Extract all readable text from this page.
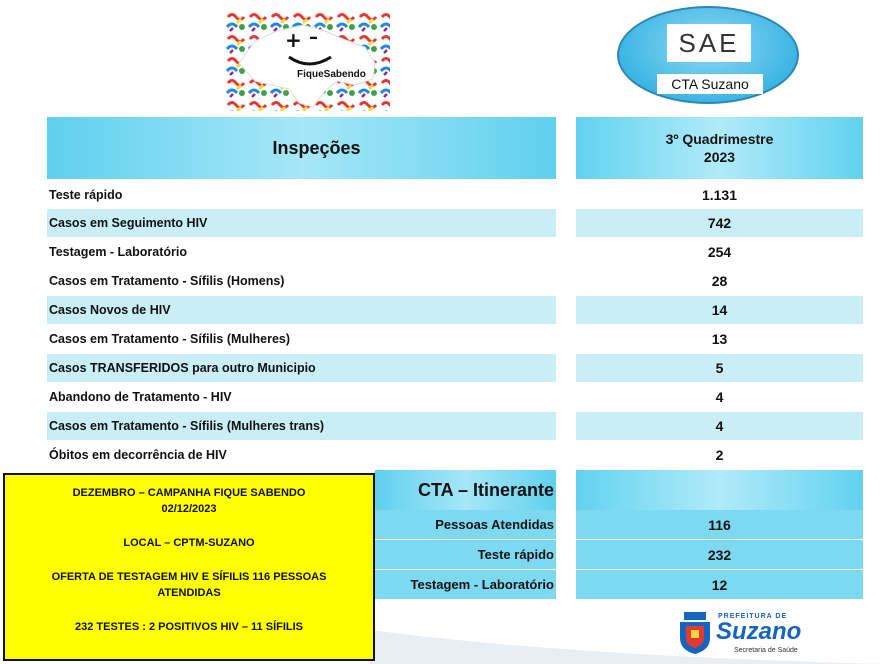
+ –
FiqueSabendo
SAE
CTA Suzano
Inspeções	3º Quadrimestre
2023
Teste rápido	1.131
Casos em Seguimento HIV	742
Testagem - Laboratório	254
Casos em Tratamento - Sífilis (Homens)	28
Casos Novos de HIV	14
Casos em Tratamento - Sífilis (Mulheres)	13
Casos TRANSFERIDOS para outro Municipio	5
Abandono de Tratamento - HIV	4
Casos em Tratamento - Sífilis (Mulheres trans)	4
Óbitos em decorrência de HIV	2
CTA – Itinerante
Pessoas Atendidas	116
Teste rápido	232
Testagem - Laboratório	12

DEZEMBRO – CAMPANHA FIQUE SABENDO

02/12/2023

LOCAL – CPTM-SUZANO

OFERTA DE TESTAGEM HIV E SÍFILIS 116 PESSOAS

ATENDIDAS

232 TESTES : 2 POSITIVOS HIV – 11 SÍFILIS

PREFEITURA DE
Suzano
Secretaria de Saúde
